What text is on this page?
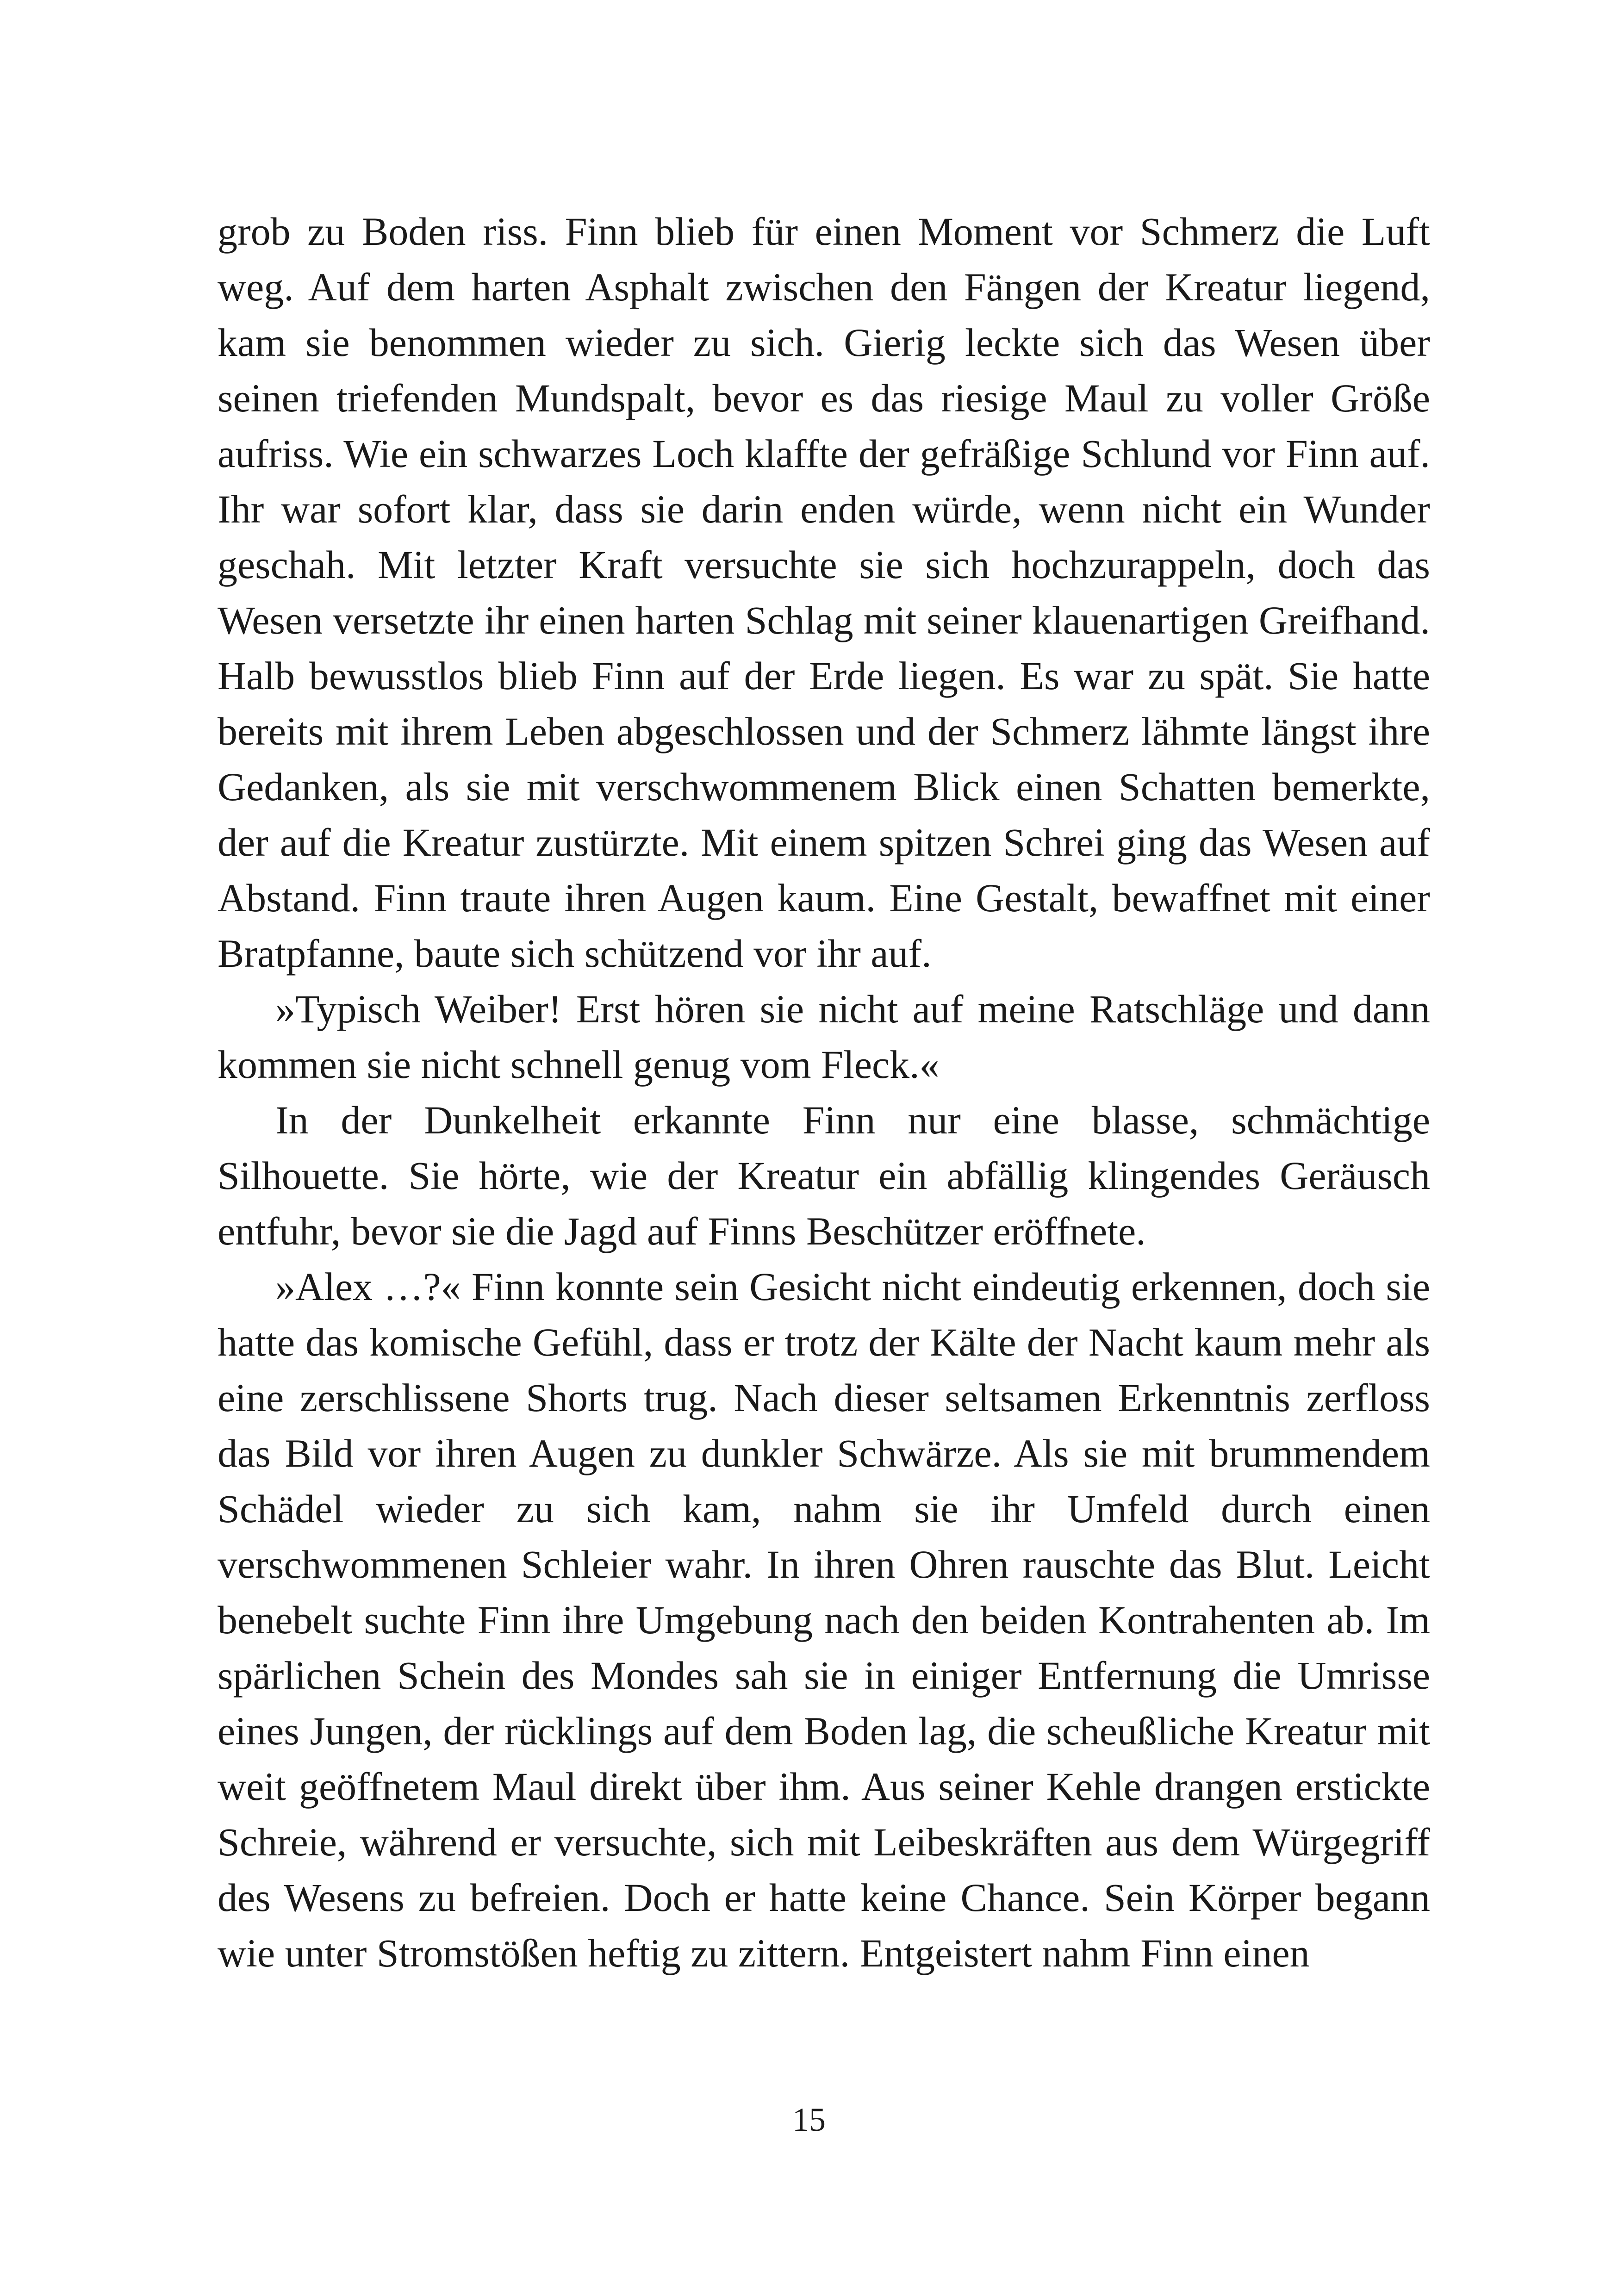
grob zu Boden riss. Finn blieb für einen Moment vor Schmerz die Luft weg. Auf dem harten Asphalt zwischen den Fängen der Kreatur liegend, kam sie benommen wieder zu sich. Gierig leckte sich das Wesen über seinen triefenden Mundspalt, bevor es das riesige Maul zu voller Größe aufriss. Wie ein schwarzes Loch klaffte der gefräßige Schlund vor Finn auf. Ihr war sofort klar, dass sie darin enden würde, wenn nicht ein Wunder geschah. Mit letzter Kraft versuchte sie sich hochzurappeln, doch das Wesen versetzte ihr einen harten Schlag mit seiner klauenartigen Greifhand. Halb bewusstlos blieb Finn auf der Erde liegen. Es war zu spät. Sie hatte bereits mit ihrem Leben abgeschlossen und der Schmerz lähmte längst ihre Gedanken, als sie mit verschwommenem Blick einen Schatten bemerkte, der auf die Kreatur zustürzte. Mit einem spitzen Schrei ging das Wesen auf Abstand. Finn traute ihren Augen kaum. Eine Gestalt, bewaffnet mit einer Bratpfanne, baute sich schützend vor ihr auf.

»Typisch Weiber! Erst hören sie nicht auf meine Ratschläge und dann kommen sie nicht schnell genug vom Fleck.«

In der Dunkelheit erkannte Finn nur eine blasse, schmächtige Silhouette. Sie hörte, wie der Kreatur ein abfällig klingendes Geräusch entfuhr, bevor sie die Jagd auf Finns Beschützer eröffnete.

»Alex …?« Finn konnte sein Gesicht nicht eindeutig erkennen, doch sie hatte das komische Gefühl, dass er trotz der Kälte der Nacht kaum mehr als eine zerschlissene Shorts trug. Nach dieser seltsamen Erkenntnis zerfloss das Bild vor ihren Augen zu dunkler Schwärze. Als sie mit brummendem Schädel wieder zu sich kam, nahm sie ihr Umfeld durch einen verschwommenen Schleier wahr. In ihren Ohren rauschte das Blut. Leicht benebelt suchte Finn ihre Umgebung nach den beiden Kontrahenten ab. Im spärlichen Schein des Mondes sah sie in einiger Entfernung die Umrisse eines Jungen, der rücklings auf dem Boden lag, die scheußliche Kreatur mit weit geöffnetem Maul direkt über ihm. Aus seiner Kehle drangen erstickte Schreie, während er versuchte, sich mit Leibeskräften aus dem Würgegriff des Wesens zu befreien. Doch er hatte keine Chance. Sein Körper begann wie unter Stromstößen heftig zu zittern. Entgeistert nahm Finn einen

15
